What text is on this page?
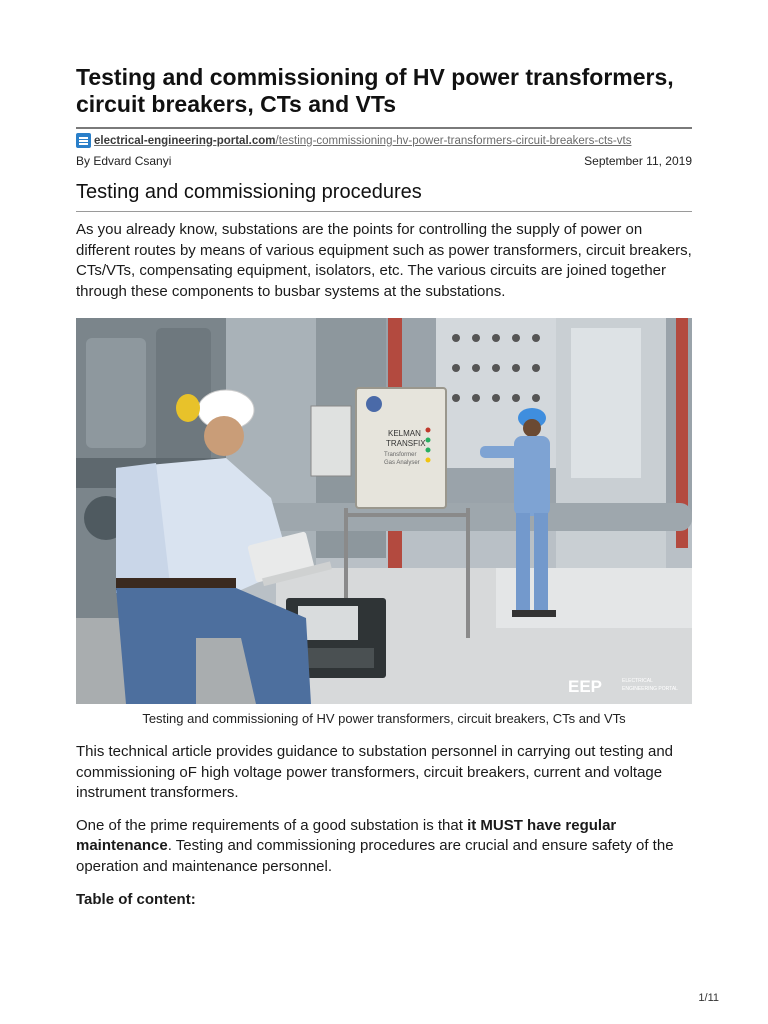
Testing and commissioning of HV power transformers, circuit breakers, CTs and VTs
electrical-engineering-portal.com/testing-commissioning-hv-power-transformers-circuit-breakers-cts-vts
By Edvard Csanyi	September 11, 2019
Testing and commissioning procedures

As you already know, substations are the points for controlling the supply of power on different routes by means of various equipment such as power transformers, circuit breakers, CTs/VTs, compensating equipment, isolators, etc. The various circuits are joined together through these components to busbar systems at the substations.

KELMAN
TRANSFIX
Transformer
Gas Analyser
EEP	ELECTRICAL
ENGINEERING PORTAL
Testing and commissioning of HV power transformers, circuit breakers, CTs and VTs

This technical article provides guidance to substation personnel in carrying out testing and commissioning oF high voltage power transformers, circuit breakers, current and voltage instrument transformers.

One of the prime requirements of a good substation is that it MUST have regular maintenance. Testing and commissioning procedures are crucial and ensure safety of the operation and maintenance personnel.

Table of content:
1/11
